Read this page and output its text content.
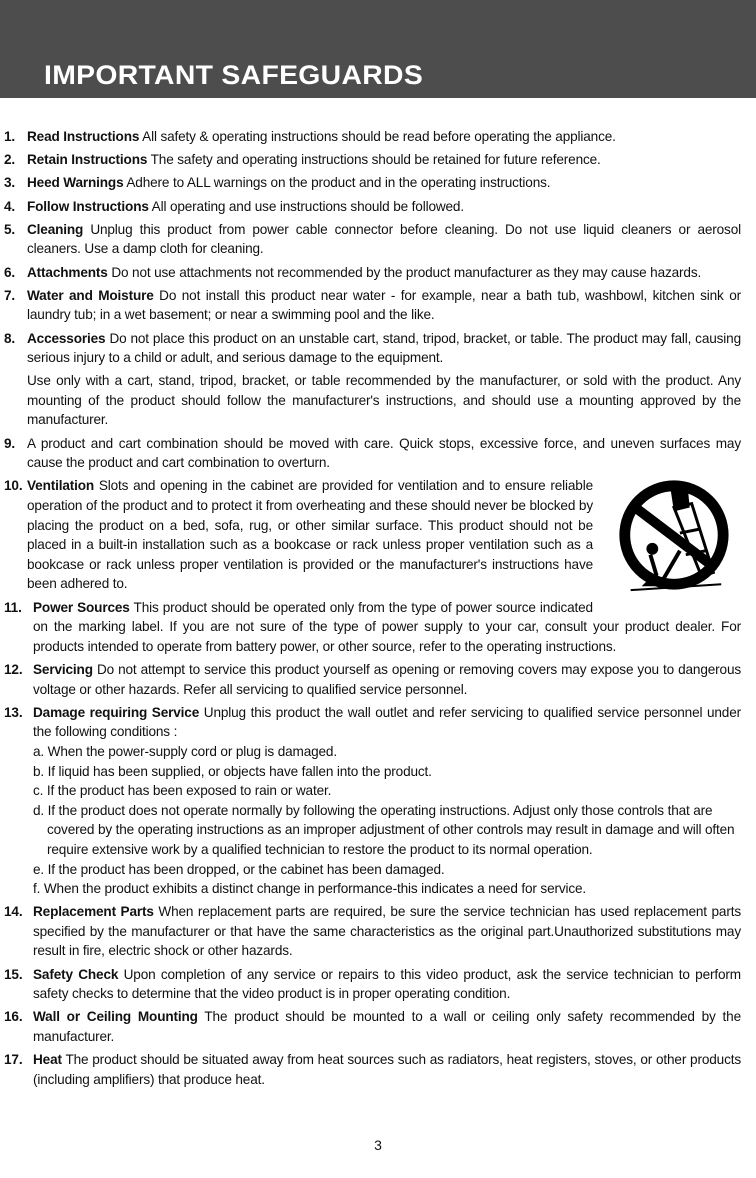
IMPORTANT SAFEGUARDS
1. Read Instructions All safety & operating instructions should be read before operating the appliance.

2. Retain Instructions The safety and operating instructions should be retained for future reference.

3. Heed Warnings Adhere to ALL warnings on the product and in the operating instructions.

4. Follow Instructions All operating and use instructions should be followed.

5. Cleaning Unplug this product from power cable connector before cleaning. Do not use liquid cleaners or aerosol cleaners. Use a damp cloth for cleaning.

6. Attachments Do not use attachments not recommended by the product manufacturer as they may cause hazards.

7. Water and Moisture Do not install this product near water - for example, near a bath tub, washbowl, kitchen sink or laundry tub; in a wet basement; or near a swimming pool and the like.

8. Accessories Do not place this product on an unstable cart, stand, tripod, bracket, or table. The product may fall, causing serious injury to a child or adult, and serious damage to the equipment.

Use only with a cart, stand, tripod, bracket, or table recommended by the manufacturer, or sold with the product. Any mounting of the product should follow the manufacturer's instructions, and should use a mounting approved by the manufacturer.

9. A product and cart combination should be moved with care. Quick stops, excessive force, and uneven surfaces may cause the product and cart combination to overturn.

10. Ventilation Slots and opening in the cabinet are provided for ventilation and to ensure reliable operation of the product and to protect it from overheating and these should never be blocked by placing the product on a bed, sofa, rug, or other similar surface. This product should not be placed in a built-in installation such as a bookcase or rack unless proper ventilation such as a bookcase or rack unless proper ventilation is provided or the manufacturer's instructions have been adhered to.

11. Power Sources This product should be operated only from the type of power source indicated on the marking label. If you are not sure of the type of power supply to your car, consult your product dealer. For products intended to operate from battery power, or other source, refer to the operating instructions.

12. Servicing Do not attempt to service this product yourself as opening or removing covers may expose you to dangerous voltage or other hazards. Refer all servicing to qualified service personnel.

13. Damage requiring Service Unplug this product the wall outlet and refer servicing to qualified service personnel under the following conditions :

a. When the power-supply cord or plug is damaged.
b. If liquid has been supplied, or objects have fallen into the product.
c. If the product has been exposed to rain or water.
d. If the product does not operate normally by following the operating instructions. Adjust only those controls that are covered by the operating instructions as an improper adjustment of other controls may result in damage and will often require extensive work by a qualified technician to restore the product to its normal operation.
e. If the product has been dropped, or the cabinet has been damaged.
f. When the product exhibits a distinct change in performance-this indicates a need for service.
14. Replacement Parts When replacement parts are required, be sure the service technician has used replacement parts specified by the manufacturer or that have the same characteristics as the original part.Unauthorized substitutions may result in fire, electric shock or other hazards.

15. Safety Check Upon completion of any service or repairs to this video product, ask the service technician to perform safety checks to determine that the video product is in proper operating condition.

16. Wall or Ceiling Mounting The product should be mounted to a wall or ceiling only safety recommended by the manufacturer.

17. Heat The product should be situated away from heat sources such as radiators, heat registers, stoves, or other products (including amplifiers) that produce heat.

3
